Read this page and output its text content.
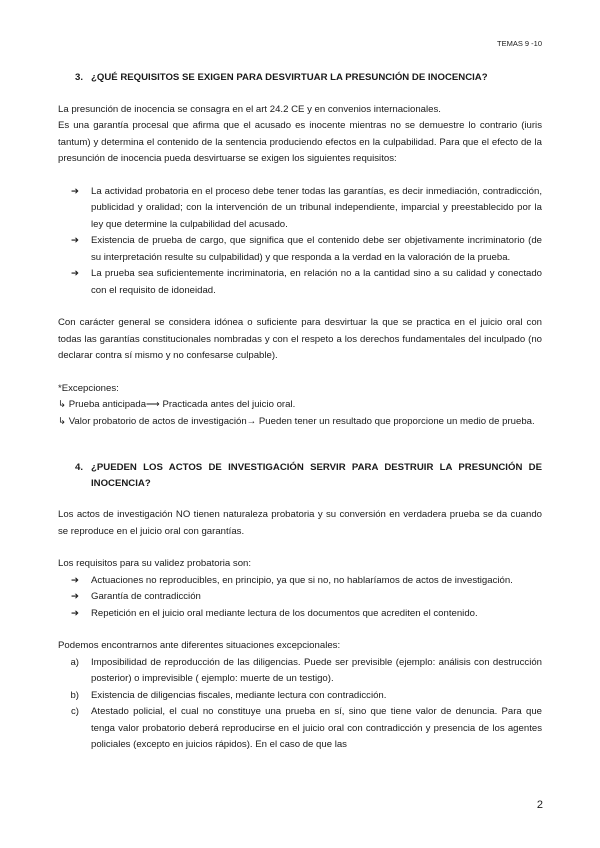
TEMAS 9 -10
3. ¿QUÉ REQUISITOS SE EXIGEN PARA DESVIRTUAR LA PRESUNCIÓN DE INOCENCIA?

La presunción de inocencia se consagra en el art 24.2 CE y en convenios internacionales.

Es una garantía procesal que afirma que el acusado es inocente mientras no se demuestre lo contrario (iuris tantum) y determina el contenido de la sentencia produciendo efectos en la culpabilidad. Para que el efecto de la presunción de inocencia pueda desvirtuarse se exigen los siguientes requisitos:

➔	La actividad probatoria en el proceso debe tener todas las garantías, es decir inmediación, contradicción, publicidad y oralidad; con la intervención de un tribunal independiente, imparcial y preestablecido por la ley que determine la culpabilidad del acusado.
➔	Existencia de prueba de cargo, que significa que el contenido debe ser objetivamente incriminatorio (de su interpretación resulte su culpabilidad) y que responda a la verdad en la valoración de la prueba.
➔	La prueba sea suficientemente incriminatoria, en relación no a la cantidad sino a su calidad y conectado con el requisito de idoneidad.

Con carácter general se considera idónea o suficiente para desvirtuar la que se practica en el juicio oral con todas las garantías constitucionales nombradas y con el respeto a los derechos fundamentales del inculpado (no declarar contra sí mismo y no confesarse culpable).

*Excepciones:

↳ Prueba anticipada⟶ Practicada antes del juicio oral.

↳ Valor probatorio de actos de investigación→ Pueden tener un resultado que proporcione un medio de prueba.

4. ¿PUEDEN LOS ACTOS DE INVESTIGACIÓN SERVIR PARA DESTRUIR LA PRESUNCIÓN DE INOCENCIA?

Los actos de investigación NO tienen naturaleza probatoria y su conversión en verdadera prueba se da cuando se reproduce en el juicio oral con garantías.

Los requisitos para su validez probatoria son:

➔	Actuaciones no reproducibles, en principio, ya que si no, no hablaríamos de actos de investigación.
➔	Garantía de contradicción
➔	Repetición en el juicio oral mediante lectura de los documentos que acrediten el contenido.

Podemos encontrarnos ante diferentes situaciones excepcionales:

a)	Imposibilidad de reproducción de las diligencias. Puede ser previsible (ejemplo: análisis con destrucción posterior) o imprevisible ( ejemplo: muerte de un testigo).
b)	Existencia de diligencias fiscales, mediante lectura con contradicción.
c)	Atestado policial, el cual no constituye una prueba en sí, sino que tiene valor de denuncia. Para que tenga valor probatorio deberá reproducirse en el juicio oral con contradicción y presencia de los agentes policiales (excepto en juicios rápidos). En el caso de que las
2
